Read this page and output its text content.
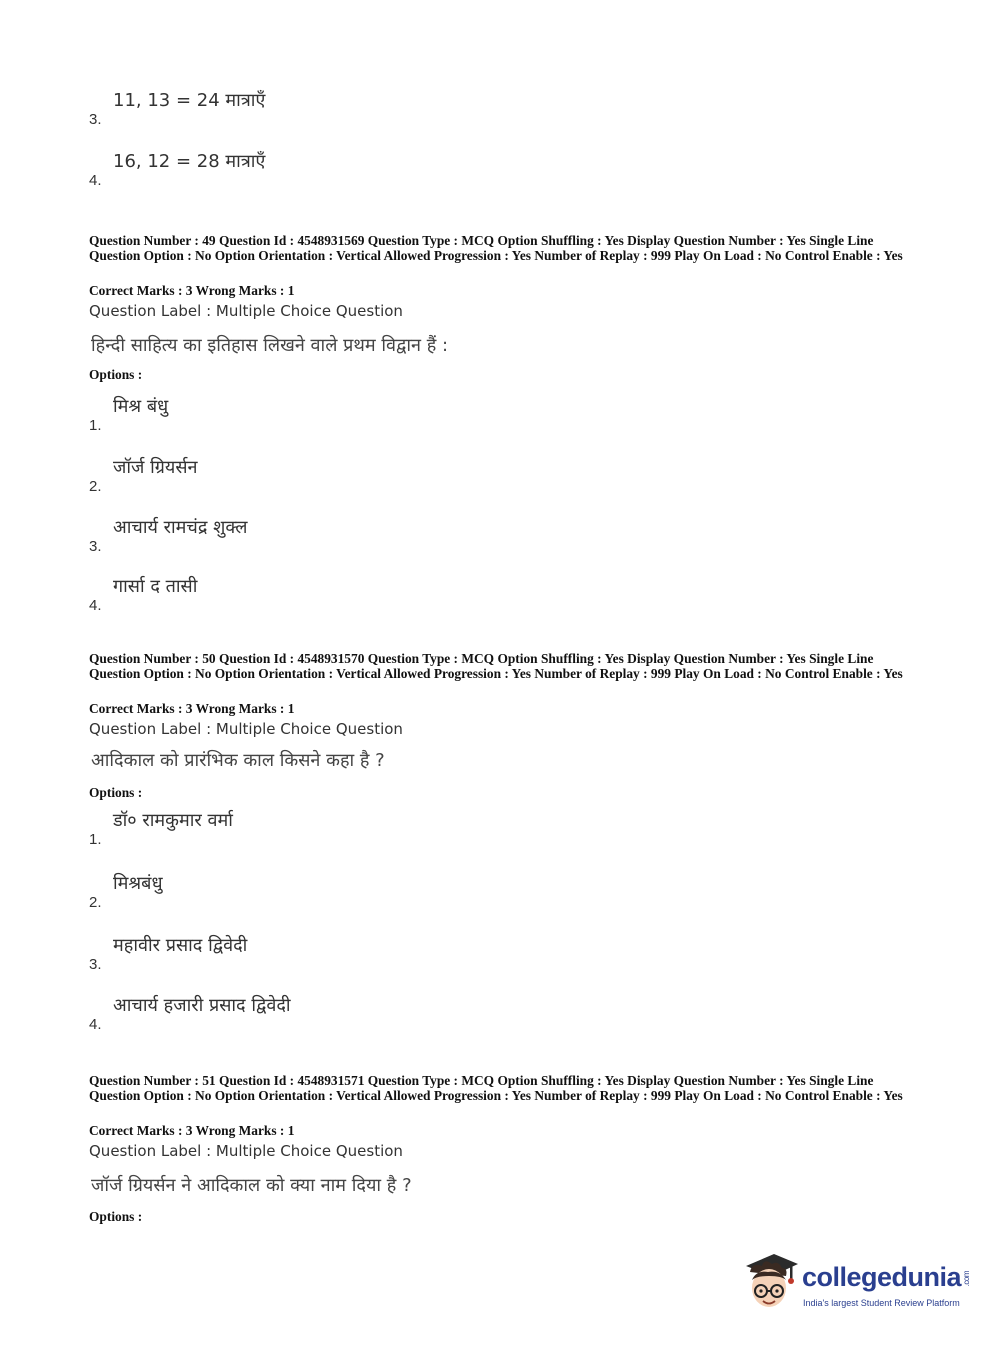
3.
11, 13 = 24 मात्राएँ
4.
16, 12 = 28 मात्राएँ
Question Number : 49 Question Id : 4548931569 Question Type : MCQ Option Shuffling : Yes Display Question Number : Yes Single Line Question Option : No Option Orientation : Vertical Allowed Progression : Yes Number of Replay : 999 Play On Load : No Control Enable : Yes
Correct Marks : 3 Wrong Marks : 1
Question Label : Multiple Choice Question
हिन्दी साहित्य का इतिहास लिखने वाले प्रथम विद्वान हैं :
Options :
1.
मिश्र बंधु
2.
जॉर्ज ग्रियर्सन
3.
आचार्य रामचंद्र शुक्ल
4.
गार्सा द तासी
Question Number : 50 Question Id : 4548931570 Question Type : MCQ Option Shuffling : Yes Display Question Number : Yes Single Line Question Option : No Option Orientation : Vertical Allowed Progression : Yes Number of Replay : 999 Play On Load : No Control Enable : Yes
Correct Marks : 3 Wrong Marks : 1
Question Label : Multiple Choice Question
आदिकाल को प्रारंभिक काल किसने कहा है ?
Options :
1.
डॉ० रामकुमार वर्मा
2.
मिश्रबंधु
3.
महावीर प्रसाद द्विवेदी
4.
आचार्य हजारी प्रसाद द्विवेदी
Question Number : 51 Question Id : 4548931571 Question Type : MCQ Option Shuffling : Yes Display Question Number : Yes Single Line Question Option : No Option Orientation : Vertical Allowed Progression : Yes Number of Replay : 999 Play On Load : No Control Enable : Yes
Correct Marks : 3 Wrong Marks : 1
Question Label : Multiple Choice Question
जॉर्ज ग्रियर्सन ने आदिकाल को क्या नाम दिया है ?
Options :
collegedunia.com
India's largest Student Review Platform
